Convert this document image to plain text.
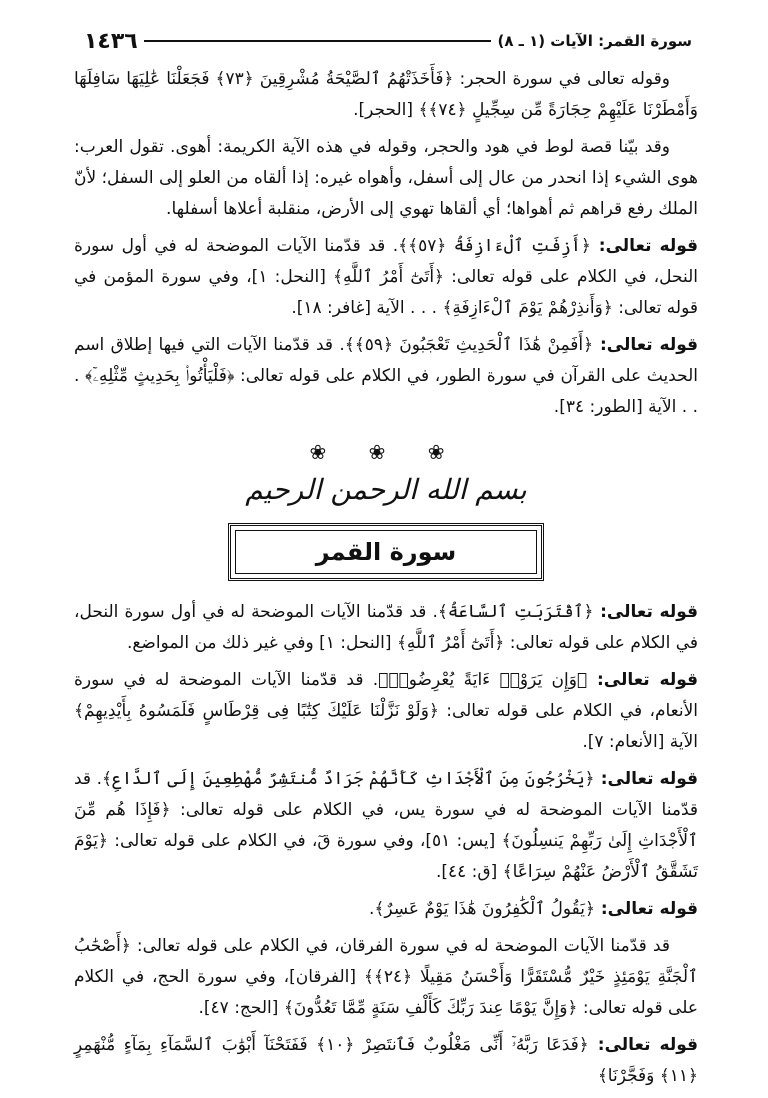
سورة القمر: الآيات (١ ـ ٨)
١٤٣٦

وقوله تعالى في سورة الحجر: ﴿فَأَخَذَتْهُمُ ٱلصَّيْحَةُ مُشْرِقِينَ ﴿٧٣﴾ فَجَعَلْنَا عَٰلِيَهَا سَافِلَهَا وَأَمْطَرْنَا عَلَيْهِمْ حِجَارَةً مِّن سِجِّيلٍ ﴿٧٤﴾﴾ [الحجر].

وقد بيّنا قصة لوط في هود والحجر، وقوله في هذه الآية الكريمة: أهوى. تقول العرب: هوى الشيء إذا انحدر من عال إلى أسفل، وأهواه غيره: إذا ألقاه من العلو إلى السفل؛ لأنّ الملك رفع قراهم ثم أهواها؛ أي ألقاها تهوي إلى الأرض، منقلبة أعلاها أسفلها.

قوله تعالى: ﴿أَزِفَتِ ٱلْءَازِفَةُ ﴿٥٧﴾﴾. قد قدّمنا الآيات الموضحة له في أول سورة النحل، في الكلام على قوله تعالى: ﴿أَتَىٰٓ أَمْرُ ٱللَّهِ﴾ [النحل: ١]، وفي سورة المؤمن في قوله تعالى: ﴿وَأَنذِرْهُمْ يَوْمَ ٱلْءَازِفَةِ﴾ . . . الآية [غافر: ١٨].

قوله تعالى: ﴿أَفَمِنْ هَٰذَا ٱلْحَدِيثِ تَعْجَبُونَ ﴿٥٩﴾﴾. قد قدّمنا الآيات التي فيها إطلاق اسم الحديث على القرآن في سورة الطور، في الكلام على قوله تعالى: ﴿فَلْيَأْتُوا۟ بِحَدِيثٍ مِّثْلِهِۦٓ﴾ . . . الآية [الطور: ٣٤].

❀ ❀ ❀
بسم الله الرحمن الرحيم
سورة القمر

قوله تعالى: ﴿ٱقْتَرَبَتِ ٱلسَّاعَةُ﴾. قد قدّمنا الآيات الموضحة له في أول سورة النحل، في الكلام على قوله تعالى: ﴿أَتَىٰٓ أَمْرُ ٱللَّهِ﴾ [النحل: ١] وفي غير ذلك من المواضع.

قوله تعالى: ﴿وَإِن يَرَوْا۟ ءَايَةً يُعْرِضُوا۟﴾. قد قدّمنا الآيات الموضحة له في سورة الأنعام، في الكلام على قوله تعالى: ﴿وَلَوْ نَزَّلْنَا عَلَيْكَ كِتَٰبًا فِى قِرْطَاسٍ فَلَمَسُوهُ بِأَيْدِيهِمْ﴾ الآية [الأنعام: ٧].

قوله تعالى: ﴿يَخْرُجُونَ مِنَ ٱلْأَجْدَاثِ كَأَنَّهُمْ جَرَادٌ مُّنتَشِرٌ مُّهْطِعِينَ إِلَى ٱلدَّاعِ﴾. قد قدّمنا الآيات الموضحة له في سورة يس، في الكلام على قوله تعالى: ﴿فَإِذَا هُم مِّنَ ٱلْأَجْدَاثِ إِلَىٰ رَبِّهِمْ يَنسِلُونَ﴾ [يس: ٥١]، وفي سورة قٓ، في الكلام على قوله تعالى: ﴿يَوْمَ تَشَقَّقُ ٱلْأَرْضُ عَنْهُمْ سِرَاعًا﴾ [ق: ٤٤].

قوله تعالى: ﴿يَقُولُ ٱلْكَٰفِرُونَ هَٰذَا يَوْمٌ عَسِرٌ﴾.

قد قدّمنا الآيات الموضحة له في سورة الفرقان، في الكلام على قوله تعالى: ﴿أَصْحَٰبُ ٱلْجَنَّةِ يَوْمَئِذٍ خَيْرٌ مُّسْتَقَرًّا وَأَحْسَنُ مَقِيلًا ﴿٢٤﴾﴾ [الفرقان]، وفي سورة الحج، في الكلام على قوله تعالى: ﴿وَإِنَّ يَوْمًا عِندَ رَبِّكَ كَأَلْفِ سَنَةٍ مِّمَّا تَعُدُّونَ﴾ [الحج: ٤٧].

قوله تعالى: ﴿فَدَعَا رَبَّهُۥٓ أَنِّى مَغْلُوبٌ فَٱنتَصِرْ ﴿١٠﴾ فَفَتَحْنَآ أَبْوَٰبَ ٱلسَّمَآءِ بِمَآءٍ مُّنْهَمِرٍ ﴿١١﴾ وَفَجَّرْنَا﴾
